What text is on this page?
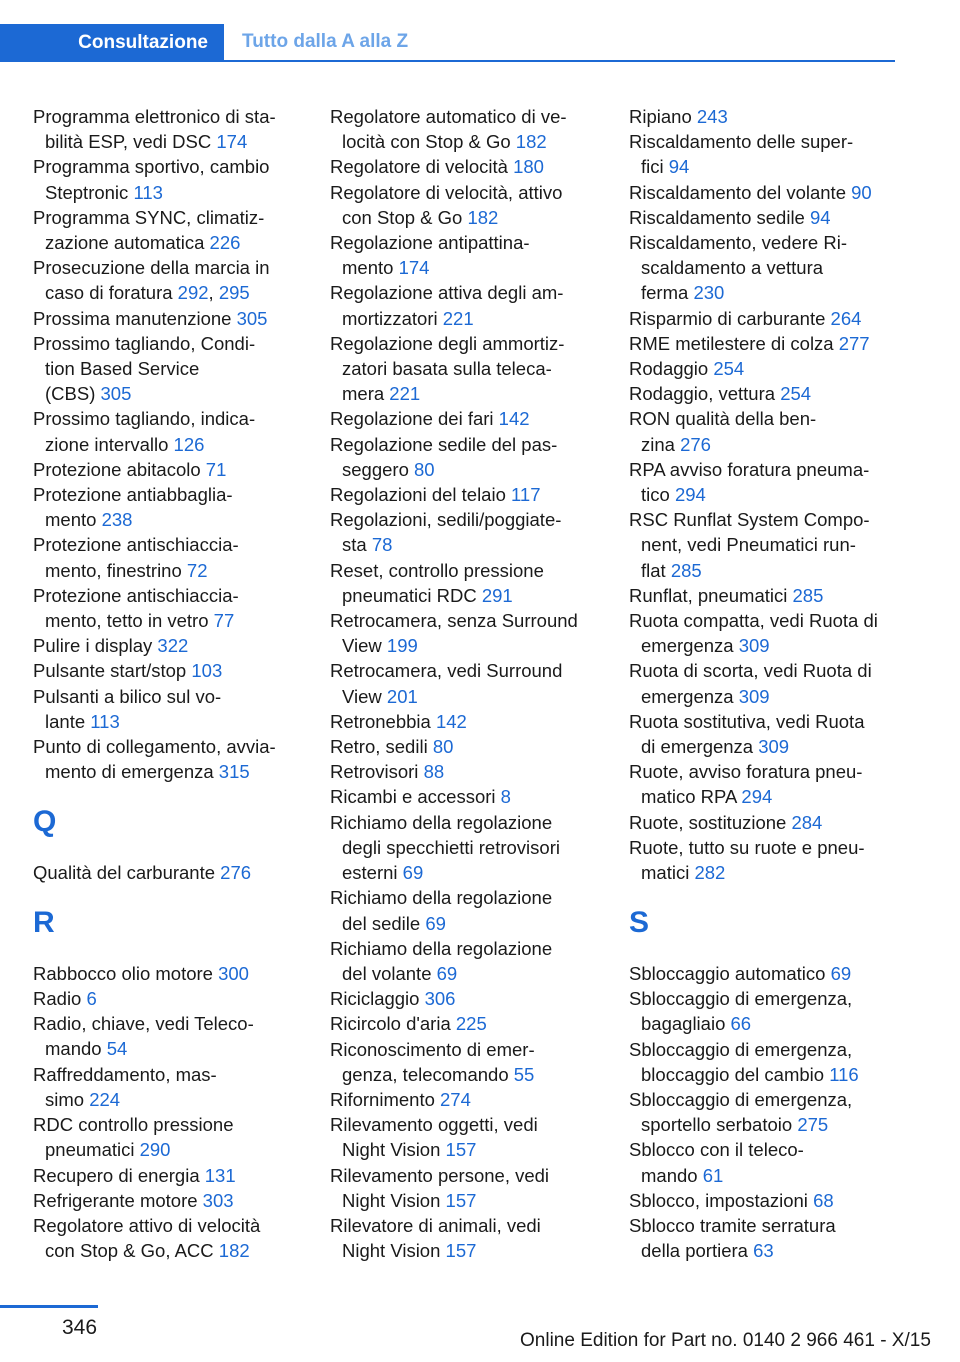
Consultazione Tutto dalla A alla Z
Programma elettronico di sta-
bilità ESP, vedi DSC 174
Programma sportivo, cambio
Steptronic 113
Programma SYNC, climatiz-
zazione automatica 226
Prosecuzione della marcia in
caso di foratura 292, 295
Prossima manutenzione 305
Prossimo tagliando, Condi-
tion Based Service
(CBS) 305
Prossimo tagliando, indica-
zione intervallo 126
Protezione abitacolo 71
Protezione antiabbaglia-
mento 238
Protezione antischiaccia-
mento, finestrino 72
Protezione antischiaccia-
mento, tetto in vetro 77
Pulire i display 322
Pulsante start/stop 103
Pulsanti a bilico sul vo-
lante 113
Punto di collegamento, avvia-
mento di emergenza 315
Q
Qualità del carburante 276
R
Rabbocco olio motore 300
Radio 6
Radio, chiave, vedi Teleco-
mando 54
Raffreddamento, mas-
simo 224
RDC controllo pressione
pneumatici 290
Recupero di energia 131
Refrigerante motore 303
Regolatore attivo di velocità
con Stop & Go, ACC 182
Regolatore automatico di ve-
locità con Stop & Go 182
Regolatore di velocità 180
Regolatore di velocità, attivo
con Stop & Go 182
Regolazione antipattina-
mento 174
Regolazione attiva degli am-
mortizzatori 221
Regolazione degli ammortiz-
zatori basata sulla teleca-
mera 221
Regolazione dei fari 142
Regolazione sedile del pas-
seggero 80
Regolazioni del telaio 117
Regolazioni, sedili/poggiate-
sta 78
Reset, controllo pressione
pneumatici RDC 291
Retrocamera, senza Surround
View 199
Retrocamera, vedi Surround
View 201
Retronebbia 142
Retro, sedili 80
Retrovisori 88
Ricambi e accessori 8
Richiamo della regolazione
degli specchietti retrovisori
esterni 69
Richiamo della regolazione
del sedile 69
Richiamo della regolazione
del volante 69
Riciclaggio 306
Ricircolo d'aria 225
Riconoscimento di emer-
genza, telecomando 55
Rifornimento 274
Rilevamento oggetti, vedi
Night Vision 157
Rilevamento persone, vedi
Night Vision 157
Rilevatore di animali, vedi
Night Vision 157
Ripiano 243
Riscaldamento delle super-
fici 94
Riscaldamento del volante 90
Riscaldamento sedile 94
Riscaldamento, vedere Ri-
scaldamento a vettura
ferma 230
Risparmio di carburante 264
RME metilestere di colza 277
Rodaggio 254
Rodaggio, vettura 254
RON qualità della ben-
zina 276
RPA avviso foratura pneuma-
tico 294
RSC Runflat System Compo-
nent, vedi Pneumatici run-
flat 285
Runflat, pneumatici 285
Ruota compatta, vedi Ruota di
emergenza 309
Ruota di scorta, vedi Ruota di
emergenza 309
Ruota sostitutiva, vedi Ruota
di emergenza 309
Ruote, avviso foratura pneu-
matico RPA 294
Ruote, sostituzione 284
Ruote, tutto su ruote e pneu-
matici 282
S
Sbloccaggio automatico 69
Sbloccaggio di emergenza,
bagagliaio 66
Sbloccaggio di emergenza,
bloccaggio del cambio 116
Sbloccaggio di emergenza,
sportello serbatoio 275
Sblocco con il teleco-
mando 61
Sblocco, impostazioni 68
Sblocco tramite serratura
della portiera 63
346
Online Edition for Part no. 0140 2 966 461 - X/15
